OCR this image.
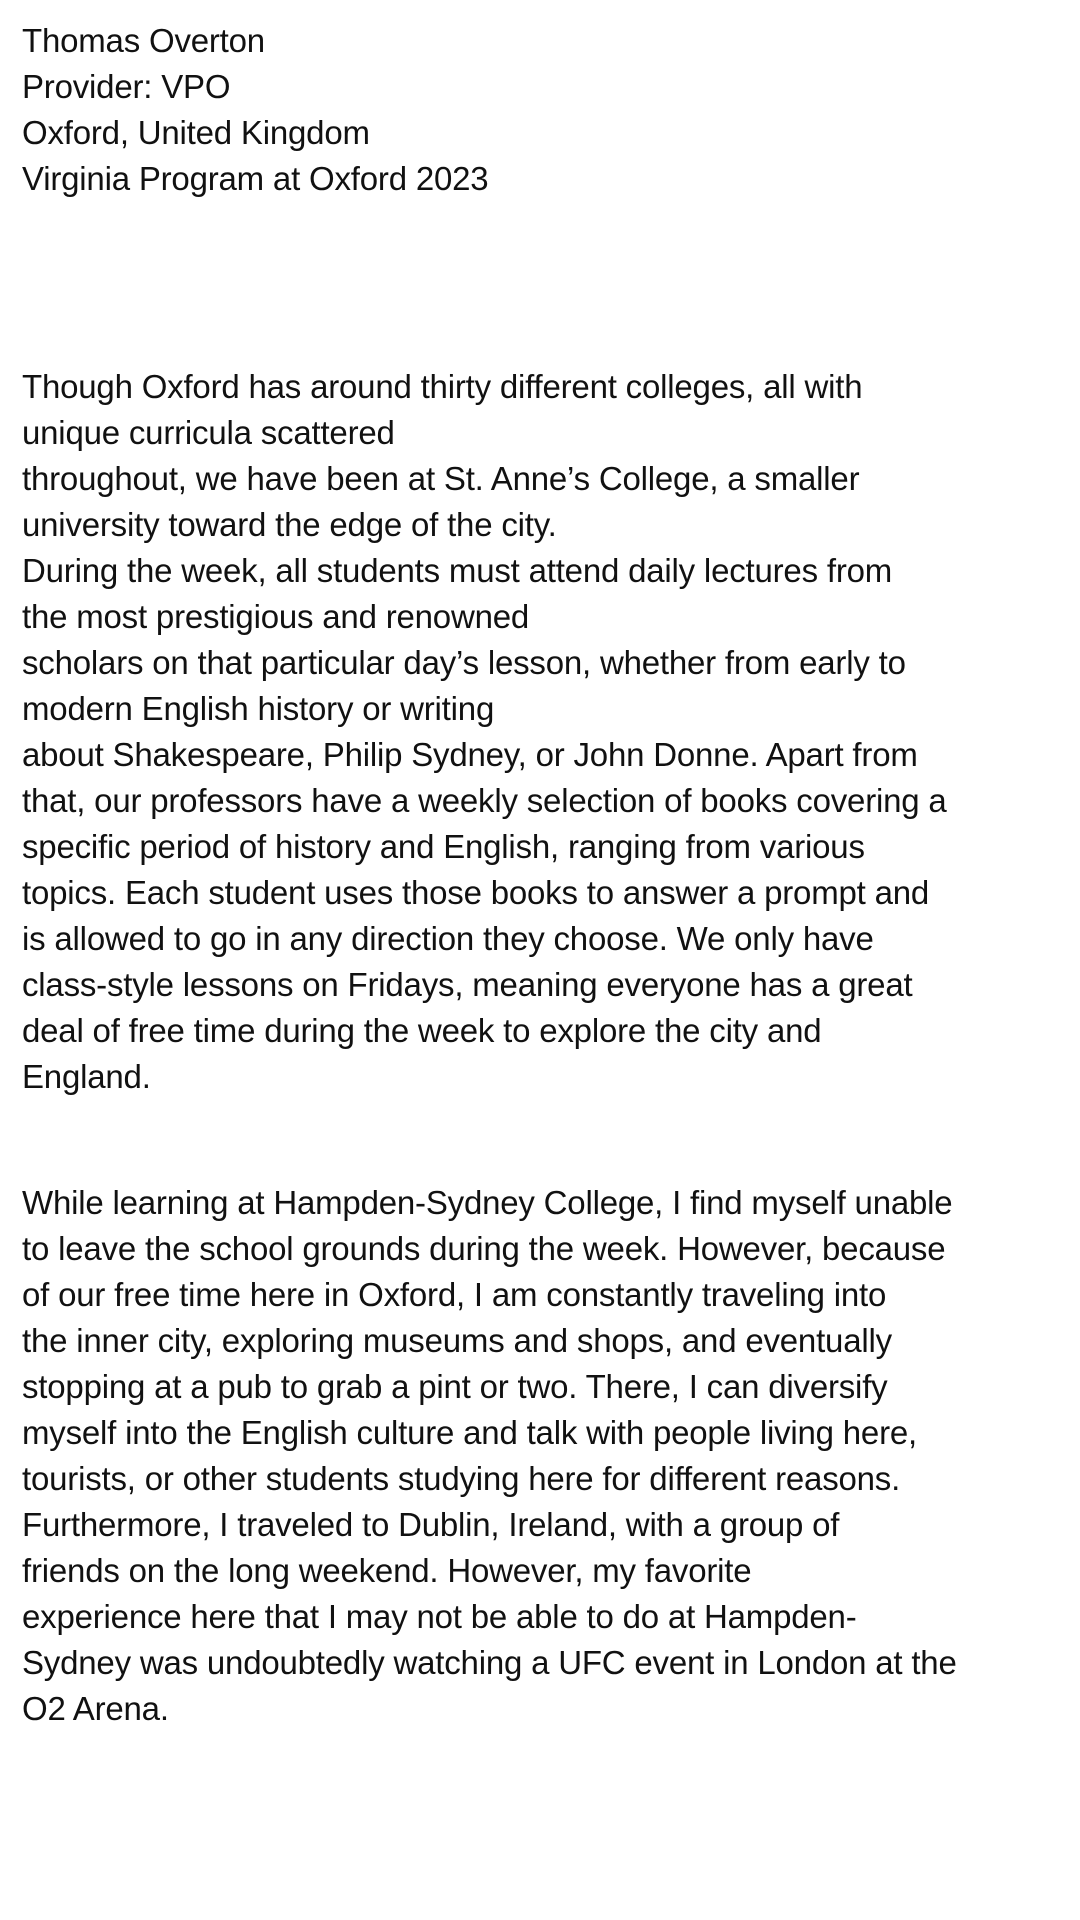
Thomas Overton
Provider: VPO
Oxford, United Kingdom
Virginia Program at Oxford 2023
Though Oxford has around thirty different colleges, all with
unique curricula scattered
throughout, we have been at St. Anne’s College, a smaller
university toward the edge of the city.
During the week, all students must attend daily lectures from
the most prestigious and renowned
scholars on that particular day’s lesson, whether from early to
modern English history or writing
about Shakespeare, Philip Sydney, or John Donne. Apart from
that, our professors have a weekly selection of books covering a
specific period of history and English, ranging from various
topics. Each student uses those books to answer a prompt and
is allowed to go in any direction they choose. We only have
class-style lessons on Fridays, meaning everyone has a great
deal of free time during the week to explore the city and
England.
While learning at Hampden-Sydney College, I find myself unable
to leave the school grounds during the week. However, because
of our free time here in Oxford, I am constantly traveling into
the inner city, exploring museums and shops, and eventually
stopping at a pub to grab a pint or two. There, I can diversify
myself into the English culture and talk with people living here,
tourists, or other students studying here for different reasons.
Furthermore, I traveled to Dublin, Ireland, with a group of
friends on the long weekend. However, my favorite
experience here that I may not be able to do at Hampden-
Sydney was undoubtedly watching a UFC event in London at the
O2 Arena.
